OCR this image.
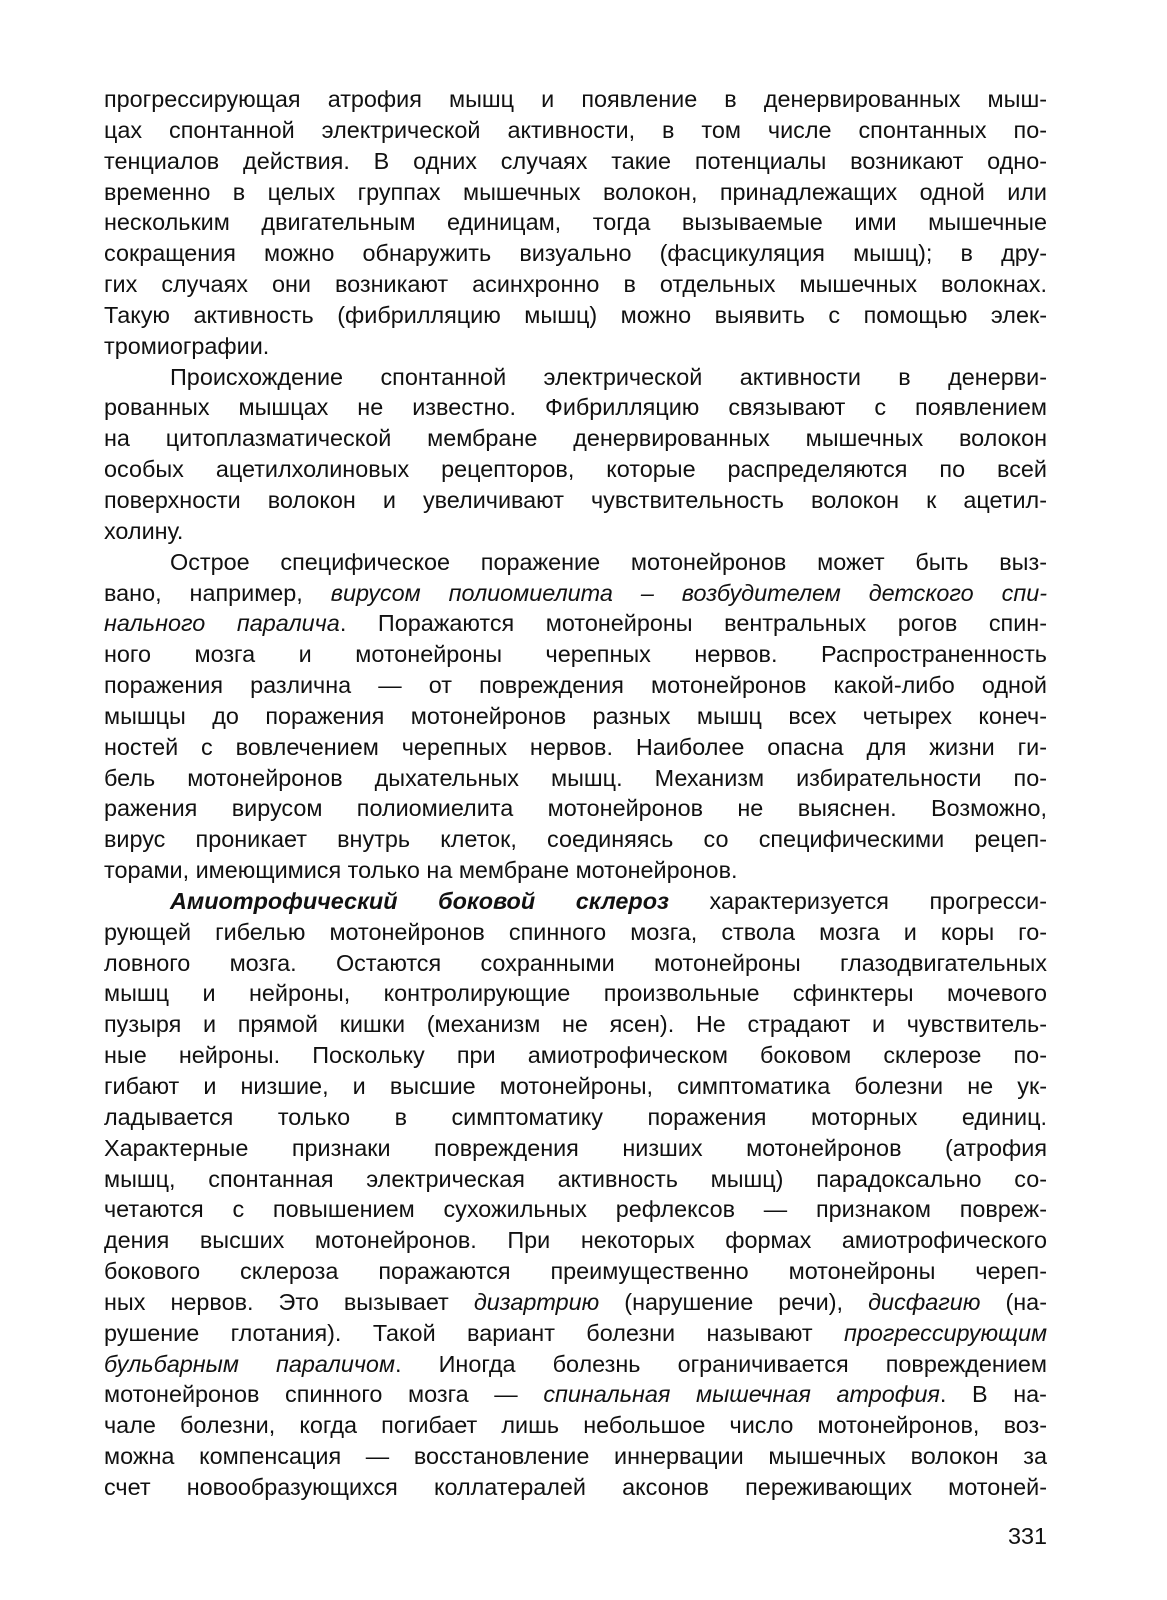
прогрессирующая атрофия мышц и появление в денервированных мыш-
цах спонтанной электрической активности, в том числе спонтанных по-
тенциалов действия. В одних случаях такие потенциалы возникают одно-
временно в целых группах мышечных волокон, принадлежащих одной или
нескольким двигательным единицам, тогда вызываемые ими мышечные
сокращения можно обнаружить визуально (фасцикуляция мышц); в дру-
гих случаях они возникают асинхронно в отдельных мышечных волокнах.
Такую активность (фибрилляцию мышц) можно выявить с помощью элек-
тромиографии.
Происхождение спонтанной электрической активности в денерви-
рованных мышцах не известно. Фибрилляцию связывают с появлением
на цитоплазматической мембране денервированных мышечных волокон
особых ацетилхолиновых рецепторов, которые распределяются по всей
поверхности волокон и увеличивают чувствительность волокон к ацетил-
холину.
Острое специфическое поражение мотонейронов может быть выз-
вано, например, вирусом полиомиелита – возбудителем детского спи-
нального паралича. Поражаются мотонейроны вентральных рогов спин-
ного мозга и мотонейроны черепных нервов. Распространенность
поражения различна — от повреждения мотонейронов какой-либо одной
мышцы до поражения мотонейронов разных мышц всех четырех конеч-
ностей с вовлечением черепных нервов. Наиболее опасна для жизни ги-
бель мотонейронов дыхательных мышц. Механизм избирательности по-
ражения вирусом полиомиелита мотонейронов не выяснен. Возможно,
вирус проникает внутрь клеток, соединяясь со специфическими рецеп-
торами, имеющимися только на мембране мотонейронов.
Амиотрофический боковой склероз характеризуется прогресси-
рующей гибелью мотонейронов спинного мозга, ствола мозга и коры го-
ловного мозга. Остаются сохранными мотонейроны глазодвигательных
мышц и нейроны, контролирующие произвольные сфинктеры мочевого
пузыря и прямой кишки (механизм не ясен). Не страдают и чувствитель-
ные нейроны. Поскольку при амиотрофическом боковом склерозе по-
гибают и низшие, и высшие мотонейроны, симптоматика болезни не ук-
ладывается только в симптоматику поражения моторных единиц.
Характерные признаки повреждения низших мотонейронов (атрофия
мышц, спонтанная электрическая активность мышц) парадоксально со-
четаются с повышением сухожильных рефлексов — признаком повреж-
дения высших мотонейронов. При некоторых формах амиотрофического
бокового склероза поражаются преимущественно мотонейроны череп-
ных нервов. Это вызывает дизартрию (нарушение речи), дисфагию (на-
рушение глотания). Такой вариант болезни называют прогрессирующим
бульбарным параличом. Иногда болезнь ограничивается повреждением
мотонейронов спинного мозга — спинальная мышечная атрофия. В на-
чале болезни, когда погибает лишь небольшое число мотонейронов, воз-
можна компенсация — восстановление иннервации мышечных волокон за
счет новообразующихся коллатералей аксонов переживающих мотоней-
331
